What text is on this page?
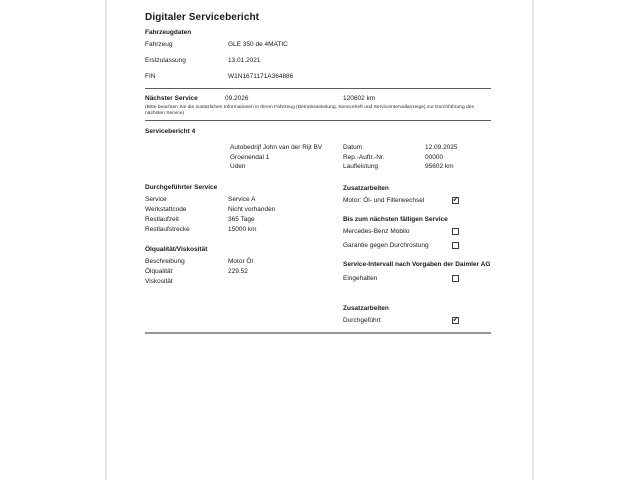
Digitaler Servicebericht
Fahrzeugdaten
Fahrzeug	GLE 350 de 4MATIC
Erstzulassung	13.01.2021
FIN	W1N1671171A364886
Nächster Service	09.2026	120602 km
(Bitte beachten Sie die zusätzlichen Informationen in Ihrem Fahrzeug (Betriebsanleitung, Serviceheft und Serviceintervallanzeige) zur Durchführung des nächsten Service)
Servicebericht 4
Autobedrijf John van der Rijt BV
Groenendal 1
Uden
Datum	12.09.2025
Rep.-Auftr.-Nr.	00000
Laufleistung	95602 km
Durchgeführter Service
Service	Service A
Werkstattcode	Nicht vorhanden
Restlaufzeit	365 Tage
Restlaufstrecke	15000 km
Ölqualität/Viskosität
Beschreibung	Motor Öl
Ölqualität	229.52
Viskosität
Zusatzarbeiten
Motor: Öl- und Filterwechsel	✓
Bis zum nächsten fälligen Service
Mercedes-Benz Mobilo
Garantie gegen Durchrostung
Service-Intervall nach Vorgaben der Daimler AG
Eingehalten
Zusatzarbeiten
Durchgeführt	✓
